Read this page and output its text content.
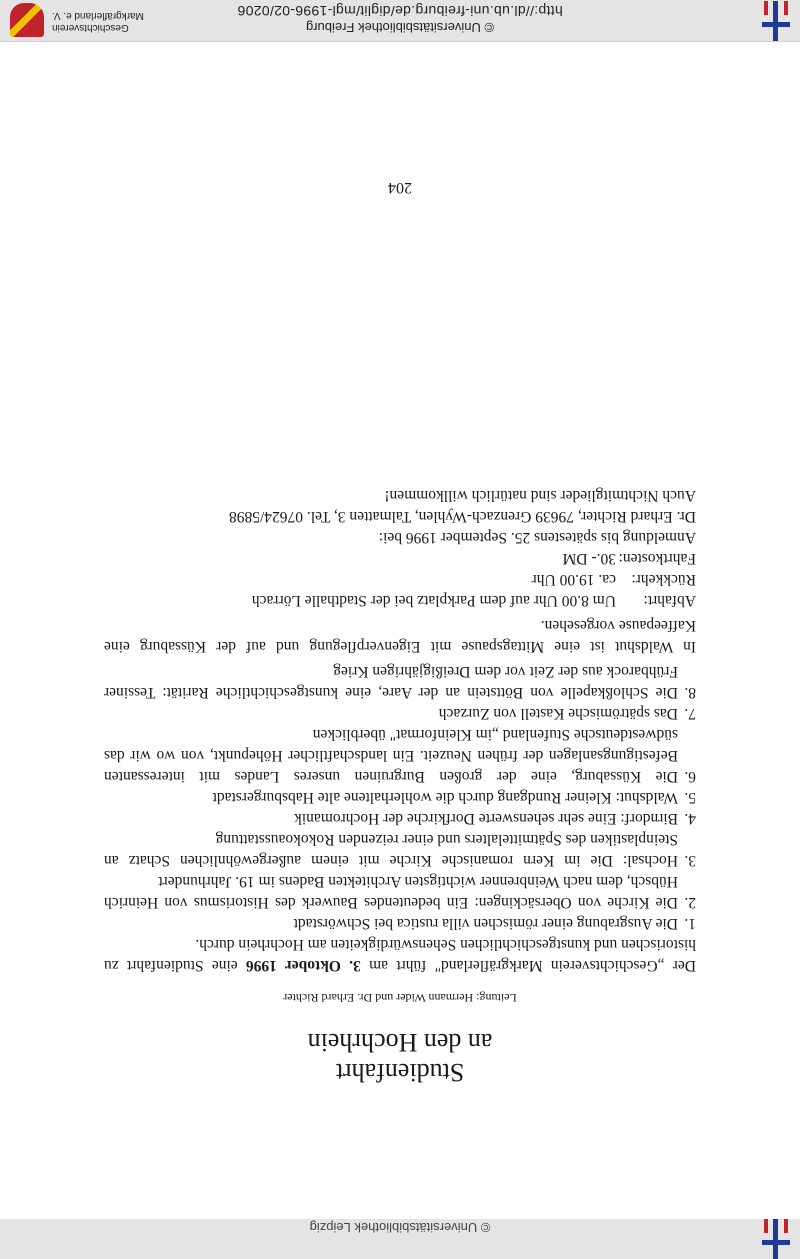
© Universitätsbibliothek Leipzig
Studienfahrt
an den Hochrhein
Leitung: Hermann Wider und Dr. Erhard Richter

Der „Geschichtsverein Markgräflerland" führt am 3. Oktober 1996 eine Studienfahrt zu historischen und kunstgeschichtlichen Sehenswürdigkeiten am Hochrhein durch.

1.Die Ausgrabung einer römischen villa rustica bei Schwörstadt
2.Die Kirche von Obersäckingen: Ein bedeutendes Bauwerk des Historismus von Heinrich Hübsch, dem nach Weinbrenner wichtigsten Architekten Badens im 19. Jahrhundert
3.Hochsal: Die im Kern romanische Kirche mit einem außergewöhnlichen Schatz an Steinplastiken des Spätmittelalters und einer reizenden Rokokoausstattung
4.Birndorf: Eine sehr sehenswerte Dorfkirche der Hochromanik
5.Waldshut: Kleiner Rundgang durch die wohlerhaltene alte Habsburgerstadt
6.Die Küssaburg, eine der großen Burgruinen unseres Landes mit interessanten Befestigungsanlagen der frühen Neuzeit. Ein landschaftlicher Höhepunkt, von wo wir das südwestdeutsche Stufenland „im Kleinformat" überblicken
7.Das spätrömische Kastell von Zurzach
8.Die Schloßkapelle von Böttstein an der Aare, eine kunstgeschichtliche Rarität: Tessiner Frühbarock aus der Zeit vor dem Dreißigjährigen Krieg

In Waldshut ist eine Mittagspause mit Eigenverpflegung und auf der Küssaburg eine Kaffeepause vorgesehen.

Abfahrt:Um 8.00 Uhr auf dem Parkplatz bei der Stadthalle Lörrach
Rückkehr:ca. 19.00 Uhr
Fahrtkosten:30.- DM
Anmeldung bis spätestens 25. September 1996 bei:
Dr. Erhard Richter, 79639 Grenzach-Wyhlen, Talmatten 3, Tel. 07624/5898
Auch Nichtmitglieder sind natürlich willkommen!
204
© Universitätsbibliothek Freiburg
http://dl.ub.uni-freiburg.de/diglit/mgl-1996-02/0206
Geschichtsverein
Markgräflerland e. V.
